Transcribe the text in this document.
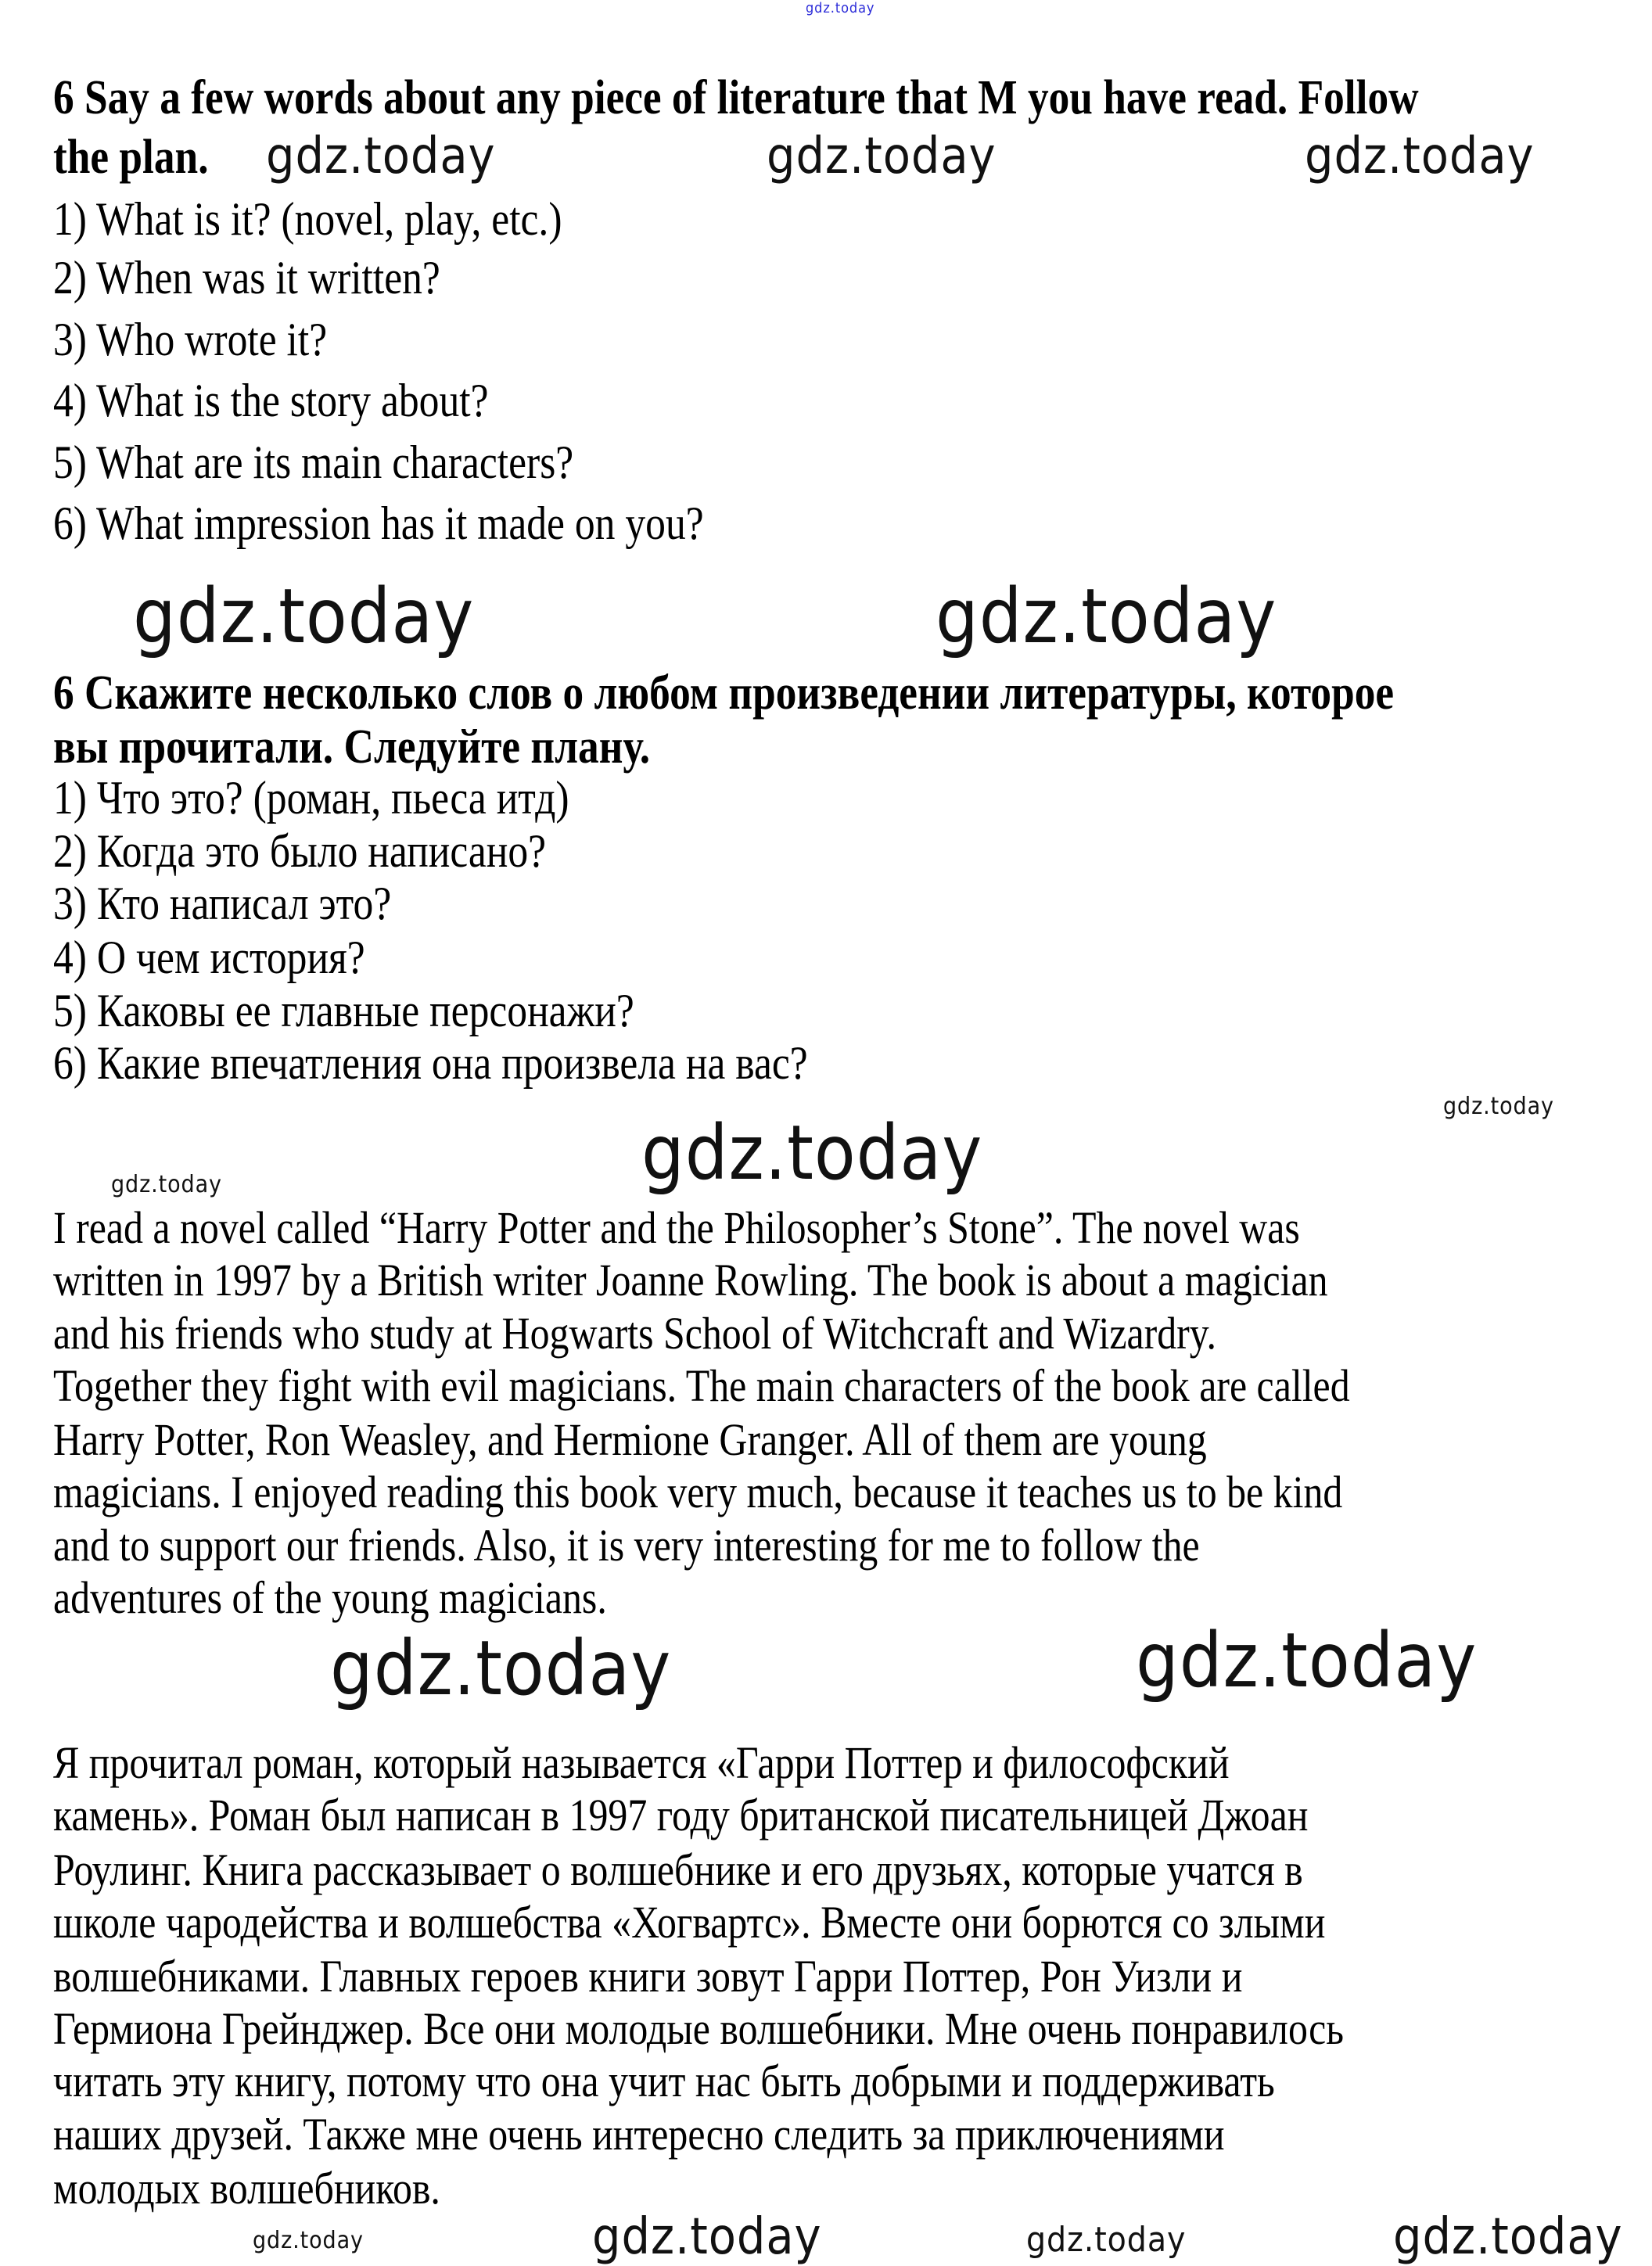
gdz.today
6 Say a few words about any piece of literature that M you have read. Follow
the plan. gdz.today	gdz.today	gdz.today
1) What is it? (novel, play, etc.)
2) When was it written?
3) Who wrote it?
4) What is the story about?
5) What are its main characters?
6) What impression has it made on you?
gdz.today	gdz.today
6 Скажите несколько слов о любом произведении литературы, которое
вы прочитали. Следуйте плану.
1) Что это? (роман, пьеса итд)
2) Когда это было написано?
3) Кто написал это?
4) О чем история?
5) Каковы ее главные персонажи?
6) Какие впечатления она произвела на вас?
gdz.today
gdz.today
gdz.today
I read a novel called “Harry Potter and the Philosopher’s Stone”. The novel was
written in 1997 by a British writer Joanne Rowling. The book is about a magician
and his friends who study at Hogwarts School of Witchcraft and Wizardry.
Together they fight with evil magicians. The main characters of the book are called
Harry Potter, Ron Weasley, and Hermione Granger. All of them are young
magicians. I enjoyed reading this book very much, because it teaches us to be kind
and to support our friends. Also, it is very interesting for me to follow the
adventures of the young magicians.
gdz.today	gdz.today
Я прочитал роман, который называется «Гарри Поттер и философский
камень». Роман был написан в 1997 году британской писательницей Джоан
Роулинг. Книга рассказывает о волшебнике и его друзьях, которые учатся в
школе чародейства и волшебства «Хогвартс». Вместе они борются со злыми
волшебниками. Главных героев книги зовут Гарри Поттер, Рон Уизли и
Гермиона Грейнджер. Все они молодые волшебники. Мне очень понравилось
читать эту книгу, потому что она учит нас быть добрыми и поддерживать
наших друзей. Также мне очень интересно следить за приключениями
молодых волшебников.
gdz.today	gdz.today	gdz.today	gdz.today
